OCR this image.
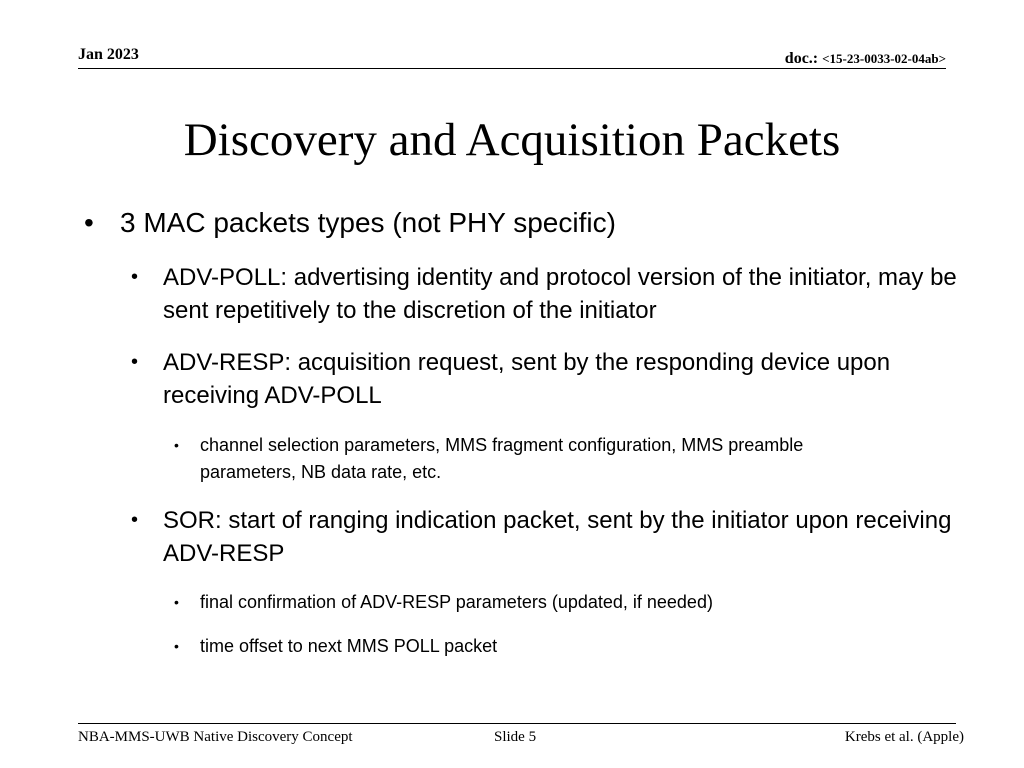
Jan 2023	doc.: <15-23-0033-02-04ab>
Discovery and Acquisition Packets
• 3 MAC packets types (not PHY specific)
• ADV-POLL: advertising identity and protocol version of the initiator, may be sent repetitively to the discretion of the initiator
• ADV-RESP: acquisition request, sent by the responding device upon receiving ADV-POLL
• channel selection parameters, MMS fragment configuration, MMS preamble parameters, NB data rate, etc.
• SOR: start of ranging indication packet, sent by the initiator upon receiving ADV-RESP
• final confirmation of ADV-RESP parameters (updated, if needed)
• time offset to next MMS POLL packet
NBA-MMS-UWB Native Discovery Concept	Slide 5	Krebs et al. (Apple)
